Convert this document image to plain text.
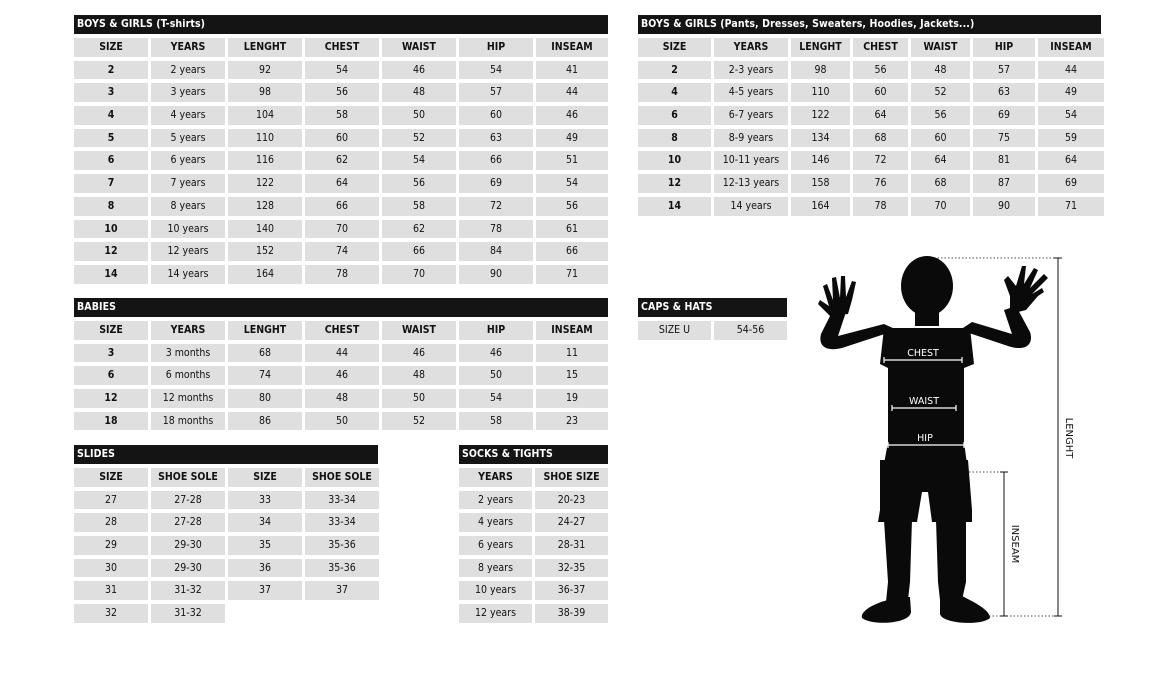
BOYS & GIRLS (T-shirts)
SIZE	YEARS	LENGHT	CHEST	WAIST	HIP	INSEAM
2	2 years	92	54	46	54	41
3	3 years	98	56	48	57	44
4	4 years	104	58	50	60	46
5	5 years	110	60	52	63	49
6	6 years	116	62	54	66	51
7	7 years	122	64	56	69	54
8	8 years	128	66	58	72	56
10	10 years	140	70	62	78	61
12	12 years	152	74	66	84	66
14	14 years	164	78	70	90	71
BOYS & GIRLS (Pants, Dresses, Sweaters, Hoodies, Jackets...)
SIZE	YEARS	LENGHT	CHEST	WAIST	HIP	INSEAM
2	2-3 years	98	56	48	57	44
4	4-5 years	110	60	52	63	49
6	6-7 years	122	64	56	69	54
8	8-9 years	134	68	60	75	59
10	10-11 years	146	72	64	81	64
12	12-13 years	158	76	68	87	69
14	14 years	164	78	70	90	71
BABIES
SIZE	YEARS	LENGHT	CHEST	WAIST	HIP	INSEAM
3	3 months	68	44	46	46	11
6	6 months	74	46	48	50	15
12	12 months	80	48	50	54	19
18	18 months	86	50	52	58	23
CAPS & HATS
SIZE U	54-56
SLIDES
SIZE	SHOE SOLE	SIZE	SHOE SOLE
27	27-28	33	33-34
28	27-28	34	33-34
29	29-30	35	35-36
30	29-30	36	35-36
31	31-32	37	37
32	31-32
SOCKS & TIGHTS
YEARS	SHOE SIZE
2 years	20-23
4 years	24-27
6 years	28-31
8 years	32-35
10 years	36-37
12 years	38-39
CHEST
WAIST
HIP	LENGHT
INSEAM
